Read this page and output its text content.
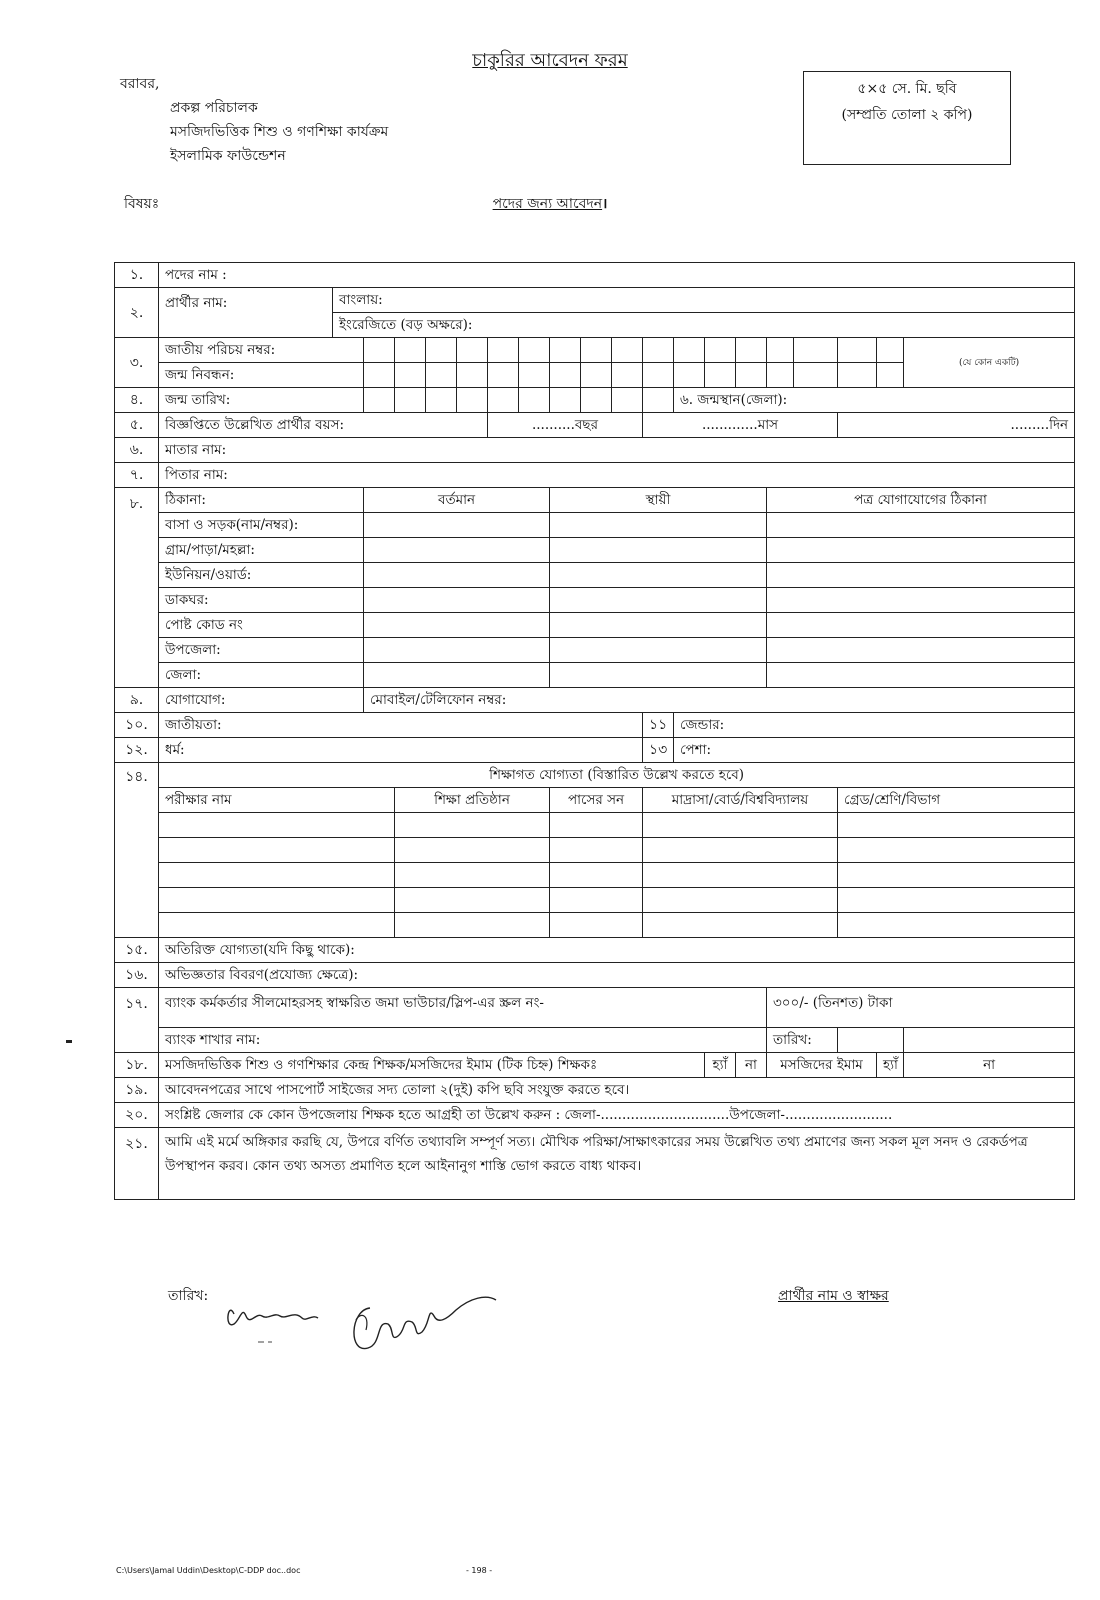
চাকুরির আবেদন ফরম
বরাবর,
প্রকল্প পরিচালক
মসজিদভিত্তিক শিশু ও গণশিক্ষা কার্যক্রম
ইসলামিক ফাউন্ডেশন
৫×৫ সে. মি. ছবি
(সম্প্রতি তোলা ২ কপি)
বিষয়ঃ	পদের জন্য আবেদন।
১.	পদের নাম :																				
২.	প্রার্থীর নাম:	বাংলায়:																			
		ইংরেজিতে (বড় অক্ষরে):																			
৩.	জাতীয় পরিচয় নম্বর:																			(যে কোন একটি)	
	জন্ম নিবন্ধন:																				
৪.	জন্ম তারিখ:												৬. জন্মস্থান(জেলা):								
৫.	বিজ্ঞপ্তিতে উল্লেখিত প্রার্থীর বয়স:						..........বছর					.............মাস						.........দিন			
৬.	মাতার নাম:																				
৭.	পিতার নাম:																				
৮.	ঠিকানা:		বর্তমান						স্থায়ী							পত্র যোগাযোগের ঠিকানা					
	বাসা ও সড়ক(নাম/নম্বর):																				
	গ্রাম/পাড়া/মহল্লা:																				
	ইউনিয়ন/ওয়ার্ড:																				
	ডাকঘর:																				
	পোষ্ট কোড নং																				
	উপজেলা:																				
	জেলা:																				
৯.	যোগাযোগ:		মোবাইল/টেলিফোন নম্বর:																		
১০.	জাতীয়তা:											১১	জেন্ডার:								
১২.	ধর্ম:											১৩	পেশা:								
১৪.	শিক্ষাগত যোগ্যতা (বিস্তারিত উল্লেখ করতে হবে)																				
	পরীক্ষার নাম			শিক্ষা প্রতিষ্ঠান					পাসের সন			মাদ্রাসা/বোর্ড/বিশ্ববিদ্যালয়						গ্রেড/শ্রেণি/বিভাগ			

১৫.	অতিরিক্ত যোগ্যতা(যদি কিছু থাকে):																				
১৬.	অভিজ্ঞতার বিবরণ(প্রযোজ্য ক্ষেত্রে):																				
১৭.	ব্যাংক কর্মকর্তার সীলমোহরসহ স্বাক্ষরিত জমা ভাউচার/স্লিপ-এর স্ক্রল নং-															৩০০/- (তিনশত) টাকা					
	ব্যাংক শাখার নাম:															তারিখ:					
১৮.	মসজিদভিত্তিক শিশু ও গণশিক্ষার কেন্দ্র শিক্ষক/মসজিদের ইমাম (টিক চিহ্ন) শিক্ষকঃ													হ্যাঁ	না	মসজিদের ইমাম			হ্যাঁ	না	
১৯.	আবেদনপত্রের সাথে পাসপোর্ট সাইজের সদ্য তোলা ২(দুই) কপি ছবি সংযুক্ত করতে হবে।																				
২০.	সংশ্লিষ্ট জেলার কে কোন উপজেলায় শিক্ষক হতে আগ্রহী তা উল্লেখ করুন : জেলা-..............................উপজেলা-.........................																				
২১.	আমি এই মর্মে অঙ্গিকার করছি যে, উপরে বর্ণিত তথ্যাবলি সম্পূর্ণ সত্য। মৌখিক পরিক্ষা/সাক্ষাৎকারের সময় উল্লেখিত তথ্য প্রমাণের জন্য সকল মূল সনদ ও রেকর্ডপত্র উপস্থাপন করব। কোন তথ্য অসত্য প্রমাণিত হলে আইনানুগ শাস্তি ভোগ করতে বাধ্য থাকব।																				
তারিখ:	প্রার্থীর নাম ও স্বাক্ষর
C:\Users\Jamal Uddin\Desktop\C-DDP doc..doc	- 198 -
